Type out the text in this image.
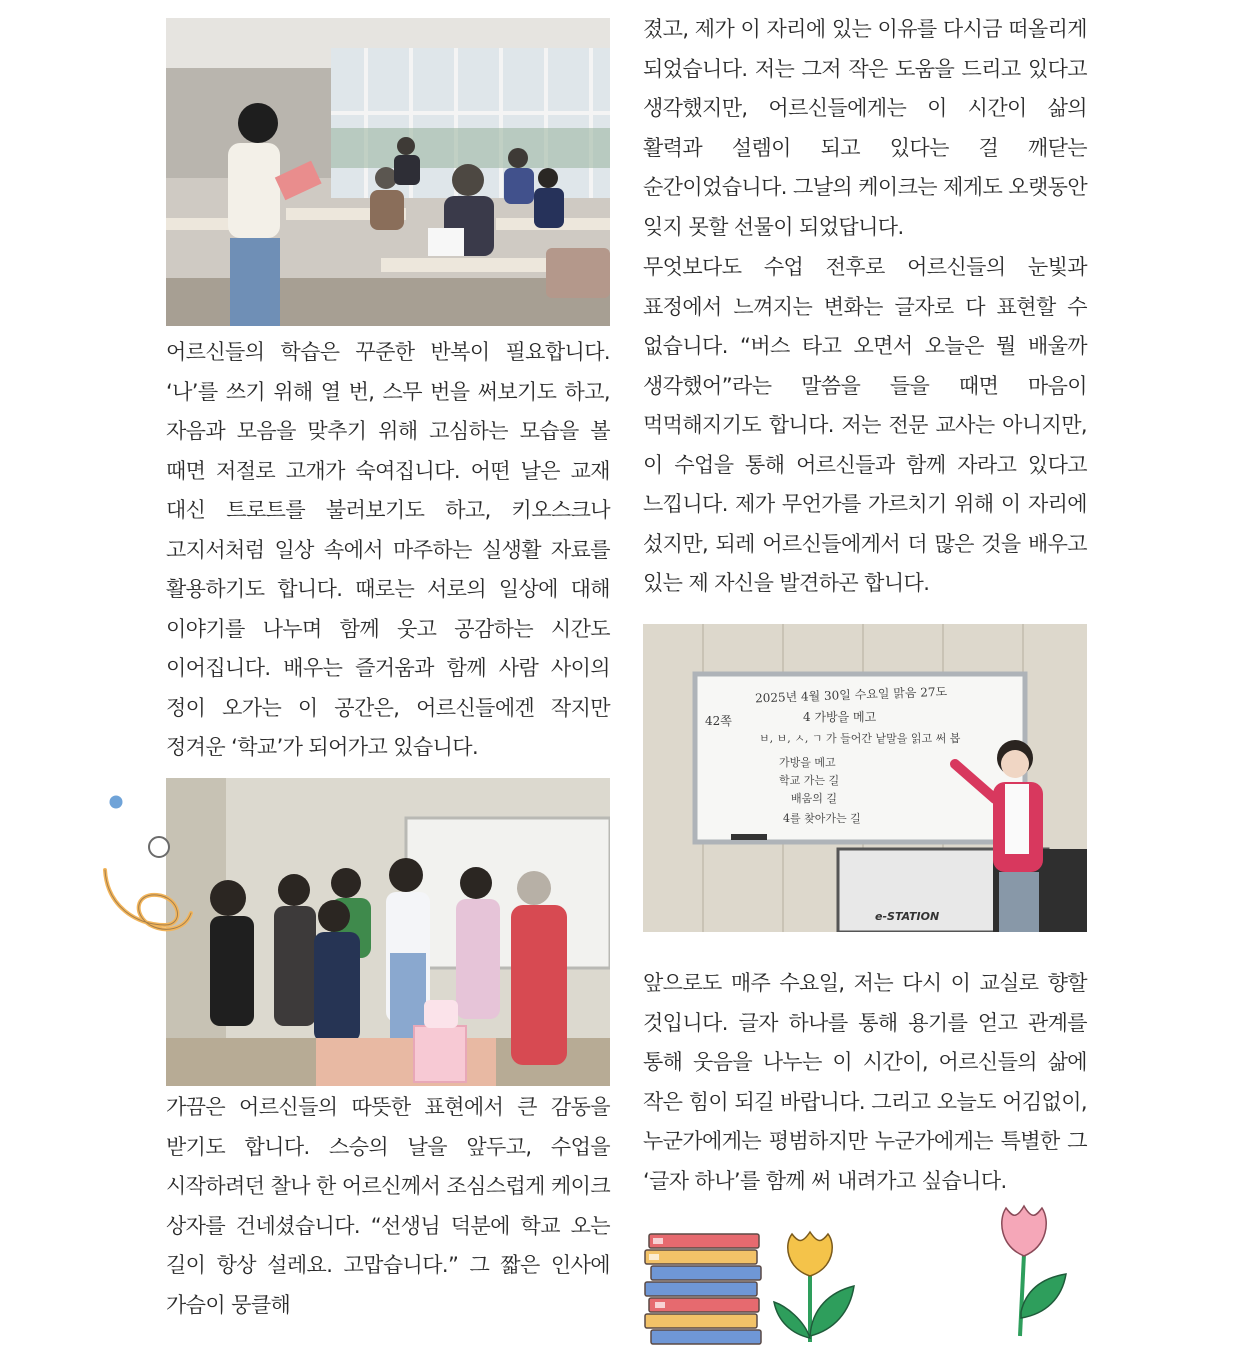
어르신들의 학습은 꾸준한 반복이 필요합니다. ‘나’를 쓰기 위해 열 번, 스무 번을 써보기도 하고, 자음과 모음을 맞추기 위해 고심하는 모습을 볼 때면 저절로 고개가 숙여집니다. 어떤 날은 교재 대신 트로트를 불러보기도 하고, 키오스크나 고지서처럼 일상 속에서 마주하는 실생활 자료를 활용하기도 합니다. 때로는 서로의 일상에 대해 이야기를 나누며 함께 웃고 공감하는 시간도 이어집니다. 배우는 즐거움과 함께 사람 사이의 정이 오가는 이 공간은, 어르신들에겐 작지만 정겨운 ‘학교’가 되어가고 있습니다.

가끔은 어르신들의 따뜻한 표현에서 큰 감동을 받기도 합니다. 스승의 날을 앞두고, 수업을 시작하려던 찰나 한 어르신께서 조심스럽게 케이크 상자를 건네셨습니다. “선생님 덕분에 학교 오는 길이 항상 설레요. 고맙습니다.” 그 짧은 인사에 가슴이 뭉클해

졌고, 제가 이 자리에 있는 이유를 다시금 떠올리게 되었습니다. 저는 그저 작은 도움을 드리고 있다고 생각했지만, 어르신들에게는 이 시간이 삶의 활력과 설렘이 되고 있다는 걸 깨닫는 순간이었습니다. 그날의 케이크는 제게도 오랫동안 잊지 못할 선물이 되었답니다.

무엇보다도 수업 전후로 어르신들의 눈빛과 표정에서 느껴지는 변화는 글자로 다 표현할 수 없습니다. “버스 타고 오면서 오늘은 뭘 배울까 생각했어”라는 말씀을 들을 때면 마음이 먹먹해지기도 합니다. 저는 전문 교사는 아니지만, 이 수업을 통해 어르신들과 함께 자라고 있다고 느낍니다. 제가 무언가를 가르치기 위해 이 자리에 섰지만, 되레 어르신들에게서 더 많은 것을 배우고 있는 제 자신을 발견하곤 합니다.

2025년 4월 30일 수요일 맑음 27도
42쪽	4 가방을 메고
ㅂ, ㅂ, ㅅ, ㄱ 가 들어간 낱말을 읽고 써 봅
가방을 메고
학교 가는 길
배움의 길
4를 찾아가는 길
e-STATION

앞으로도 매주 수요일, 저는 다시 이 교실로 향할 것입니다. 글자 하나를 통해 용기를 얻고 관계를 통해 웃음을 나누는 이 시간이, 어르신들의 삶에 작은 힘이 되길 바랍니다. 그리고 오늘도 어김없이, 누군가에게는 평범하지만 누군가에게는 특별한 그 ‘글자 하나’를 함께 써 내려가고 싶습니다.
